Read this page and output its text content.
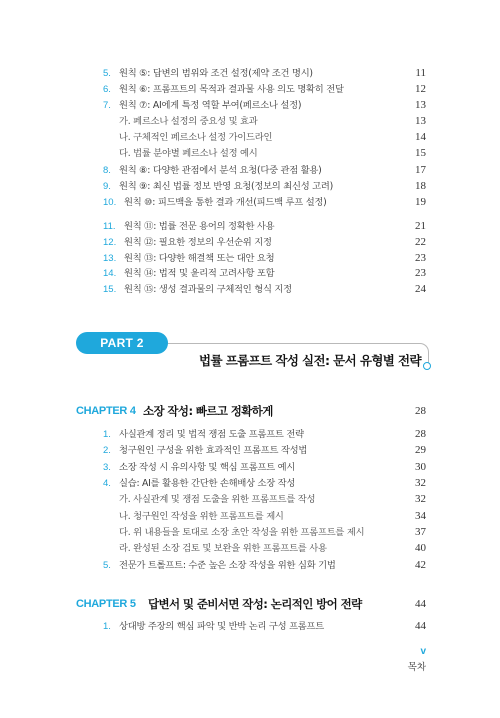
5. 원칙 ⑤: 답변의 범위와 조건 설정(제약 조건 명시)	11
6. 원칙 ⑥: 프롬프트의 목적과 결과물 사용 의도 명확히 전달	12
7. 원칙 ⑦: AI에게 특정 역할 부여(페르소나 설정)	13
가. 페르소나 설정의 중요성 및 효과	13
나. 구체적인 페르소나 설정 가이드라인	14
다. 법률 분야별 페르소나 설정 예시	15
8. 원칙 ⑧: 다양한 관점에서 분석 요청(다중 관점 활용)	17
9. 원칙 ⑨: 최신 법률 정보 반영 요청(정보의 최신성 고려)	18
10. 원칙 ⑩: 피드백을 통한 결과 개선(피드백 루프 설정)	19
11. 원칙 ⑪: 법률 전문 용어의 정확한 사용	21
12. 원칙 ⑫: 필요한 정보의 우선순위 지정	22
13. 원칙 ⑬: 다양한 해결책 또는 대안 요청	23
14. 원칙 ⑭: 법적 및 윤리적 고려사항 포함	23
15. 원칙 ⑮: 생성 결과물의 구체적인 형식 지정	24
PART 2
법률 프롬프트 작성 실전: 문서 유형별 전략
CHAPTER 4 소장 작성: 빠르고 정확하게	28
1. 사실관계 정리 및 법적 쟁점 도출 프롬프트 전략	28
2. 청구원인 구성을 위한 효과적인 프롬프트 작성법	29
3. 소장 작성 시 유의사항 및 핵심 프롬프트 예시	30
4. 실습: AI를 활용한 간단한 손해배상 소장 작성	32
가. 사실관계 및 쟁점 도출을 위한 프롬프트를 작성	32
나. 청구원인 작성을 위한 프롬프트를 제시	34
다. 위 내용들을 토대로 소장 초안 작성을 위한 프롬프트를 제시	37
라. 완성된 소장 검토 및 보완을 위한 프롬프트를 사용	40
5. 전문가 트롤프트: 수준 높은 소장 작성을 위한 심화 기법	42
CHAPTER 5 답변서 및 준비서면 작성: 논리적인 방어 전략	44
1. 상대방 주장의 핵심 파악 및 반박 논리 구성 프롬프트	44
v
목차
